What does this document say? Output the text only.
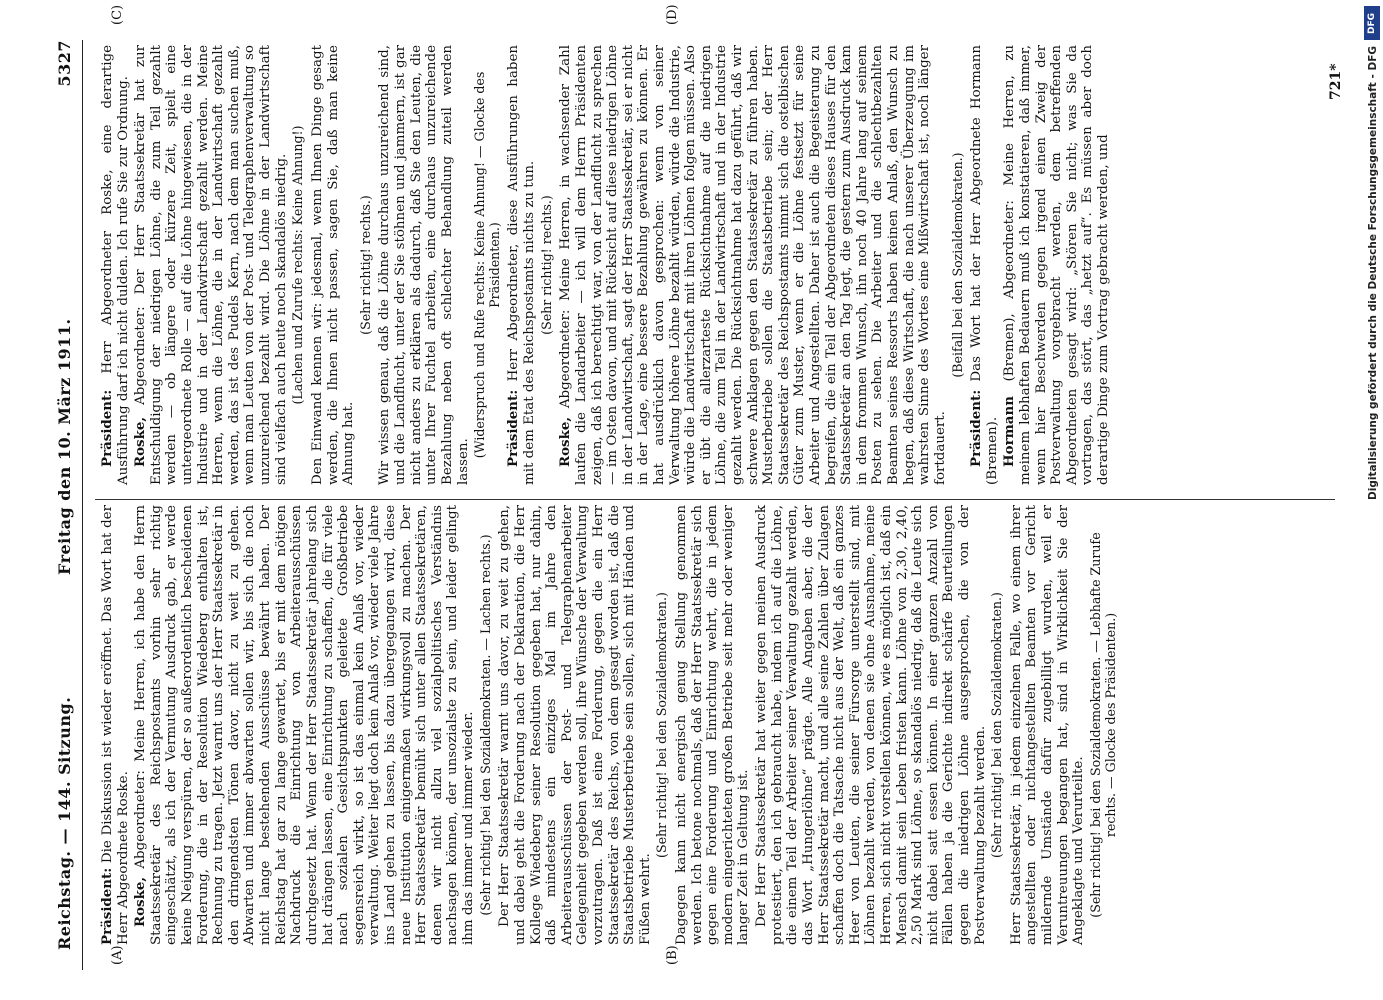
Reichstag. — 144. Sitzung.
Freitag den 10. März 1911.
5327
(A)	(B)
(C)	(D)

Präsident: Die Diskussion ist wieder eröffnet. Das Wort hat der Herr Abgeordnete Roske. Roske, Abgeordneter: Meine Herren, ich habe den Herrn Staatssekretär des Reichspostamts vorhin sehr richtig eingeschätzt, als ich der Vermutung Ausdruck gab, er werde keine Neigung verspüren, der so außerordentlich bescheidenen Forderung, die in der Resolution Wiedeberg enthalten ist, Rechnung zu tragen. Jetzt warnt uns der Herr Staatssekretär in den dringendsten Tönen davor, nicht zu weit zu gehen. Abwarten und immer abwarten sollen wir, bis sich die noch nicht lange bestehenden Ausschüsse bewährt haben. Der Reichstag hat gar zu lange gewartet, bis er mit dem nötigen Nachdruck die Einrichtung von Arbeiterausschüssen durchgesetzt hat. Wenn der Herr Staatssekretär jahrelang sich hat drängen lassen, eine Einrichtung zu schaffen, die für viele nach sozialen Gesichtspunkten geleitete Großbetriebe segensreich wirkt, so ist das einmal kein Anlaß vor, wieder verwaltung. Weiter liegt doch kein Anlaß vor, wieder viele Jahre ins Land gehen zu lassen, bis dazu übergegangen wird, diese neue Institution einigermaßen wirkungsvoll zu machen. Der Herr Staatssekretär bemüht sich unter allen Staatssekretären, denen wir nicht allzu viel sozialpolitisches Verständnis nachsagen können, der unsozialste zu sein, und leider gelingt ihm das immer und immer wieder. (Sehr richtig! bei den Sozialdemokraten. — Lachen rechts.) Der Herr Staatssekretär warnt uns davor, zu weit zu gehen, und dabei geht die Forderung nach der Deklaration, die Herr Kollege Wiedeberg seiner Resolution gegeben hat, nur dahin, daß mindestens ein einziges Mal im Jahre den Arbeiterausschüssen der Post- und Telegraphenarbeiter Gelegenheit gegeben werden soll, ihre Wünsche der Verwaltung vorzutragen. Daß ist eine Forderung, gegen die ein Herr Staatssekretär des Reichs, von dem gesagt worden ist, daß die Staatsbetriebe Musterbetriebe sein sollen, sich mit Händen und Füßen wehrt.

(Sehr richtig! bei den Sozialdemokraten.) Dagegen kann nicht energisch genug Stellung genommen werden. Ich betone nochmals, daß der Herr Staatssekretär sich gegen eine Forderung und Einrichtung wehrt, die in jedem modern eingerichteten großen Betriebe seit mehr oder weniger langer Zeit in Geltung ist. Der Herr Staatssekretär hat weiter gegen meinen Ausdruck protestiert, den ich gebraucht habe, indem ich auf die Löhne, die einem Teil der Arbeiter seiner Verwaltung gezahlt werden, das Wort „Hungerlöhne“ prägte. Alle Angaben aber, die der Herr Staatssekretär macht, und alle seine Zahlen über Zulagen schaffen doch die Tatsache nicht aus der Welt, daß ein ganzes Heer von Leuten, die seiner Fürsorge unterstellt sind, mit Löhnen bezahlt werden, von denen sie ohne Ausnahme, meine Herren, sich nicht vorstellen können, wie es möglich ist, daß ein Mensch damit sein Leben fristen kann. Löhne von 2,30, 2,40, 2,50 Mark sind Löhne, so skandalös niedrig, daß die Leute sich nicht dabei satt essen können. In einer ganzen Anzahl von Fällen haben ja die Gerichte indirekt schärfe Beurteilungen gegen die niedrigen Löhne ausgesprochen, die von der Postverwaltung bezahlt werden. (Sehr richtig! bei den Sozialdemokraten.) Herr Staatssekretär, in jedem einzelnen Falle, wo einem ihrer angestellten oder nichtangestellten Beamten vor Gericht mildernde Umstände dafür zugebilligt wurden, weil er Veruntreuungen begangen hat, sind in Wirklichkeit Sie der Angeklagte und Verurteilte. (Sehr richtig! bei den Sozialdemokraten. — Lebhafte Zurufe rechts. — Glocke des Präsidenten.)

Präsident: Herr Abgeordneter Roske, eine derartige Ausführung darf ich nicht dulden. Ich rufe Sie zur Ordnung. Roske, Abgeordneter: Der Herr Staatssekretär hat zur Entschuldigung der niedrigen Löhne, die zum Teil gezahlt werden — ob längere oder kürzere Zeit, spielt eine untergeordnete Rolle — auf die Löhne hingewiesen, die in der Industrie und in der Landwirtschaft gezahlt werden. Meine Herren, wenn die Löhne, die in der Landwirtschaft gezahlt werden, das ist des Pudels Kern, nach dem man suchen muß, wenn man Leuten von der Post- und Telegraphenverwaltung so unzureichend bezahlt wird. Die Löhne in der Landwirtschaft sind vielfach auch heute noch skandalös niedrig. (Lachen und Zurufe rechts: Keine Ahnung!) Den Einwand kennen wir: jedesmal, wenn Ihnen Dinge gesagt werden, die Ihnen nicht passen, sagen Sie, daß man keine Ahnung hat.

(Sehr richtig! rechts.) Wir wissen genau, daß die Löhne durchaus unzureichend sind, und die Landflucht, unter der Sie stöhnen und jammern, ist gar nicht anders zu erklären als dadurch, daß Sie den Leuten, die unter Ihrer Fuchtel arbeiten, eine durchaus unzureichende Bezahlung neben oft schlechter Behandlung zuteil werden lassen.

(Widerspruch und Rufe rechts: Keine Ahnung! — Glocke des Präsidenten.)

Präsident: Herr Abgeordneter, diese Ausführungen haben mit dem Etat des Reichspostamts nichts zu tun. (Sehr richtig! rechts.)

Roske, Abgeordneter: Meine Herren, in wachsender Zahl laufen die Landarbeiter — ich will dem Herrn Präsidenten zeigen, daß ich berechtigt war, von der Landflucht zu sprechen — im Osten davon, und mit Rücksicht auf diese niedrigen Löhne in der Landwirtschaft, sagt der Herr Staatssekretär, sei er nicht in der Lage, eine bessere Bezahlung gewähren zu können. Er hat ausdrücklich davon gesprochen: wenn von seiner Verwaltung höhere Löhne bezahlt würden, würde die Industrie, würde die Landwirtschaft mit ihren Löhnen folgen müssen. Also er übt die allerzarteste Rücksichtnahme auf die niedrigen Löhne, die zum Teil in der Landwirtschaft und in der Industrie gezahlt werden. Die Rücksichtnahme hat dazu geführt, daß wir schwere Anklagen gegen den Staatssekretär zu führen haben. Musterbetriebe sollen die Staatsbetriebe sein; der Herr Staatssekretär des Reichspostamts nimmt sich die ostelbischen Güter zum Muster, wenn er die Löhne festsetzt für seine Arbeiter und Angestellten. Daher ist auch die Begeisterung zu begreifen, die ein Teil der Abgeordneten dieses Hauses für den Staatssekretär an den Tag legt, die gestern zum Ausdruck kam in dem frommen Wunsch, ihn noch 40 Jahre lang auf seinem Posten zu sehen. Die Arbeiter und die schlechtbezahlten Beamten seines Ressorts haben keinen Anlaß, den Wunsch zu hegen, daß diese Wirtschaft, die nach unserer Überzeugung im wahrsten Sinne des Wortes eine Mißwirtschaft ist, noch länger fortdauert.

(Beifall bei den Sozialdemokraten.)

Präsident: Das Wort hat der Herr Abgeordnete Hormann (Bremen). Hormann (Bremen), Abgeordneter: Meine Herren, zu meinem lebhaften Bedauern muß ich konstatieren, daß immer, wenn hier Beschwerden gegen irgend einen Zweig der Postverwaltung vorgebracht werden, dem betreffenden Abgeordneten gesagt wird: „Stören Sie nicht; was Sie da vortragen, das stört, das „hetzt auf“. Es müssen aber doch derartige Dinge zum Vortrag gebracht werden, und

721*
DFG
Digitalisierung gefördert durch die Deutsche Forschungsgemeinschaft - DFG
